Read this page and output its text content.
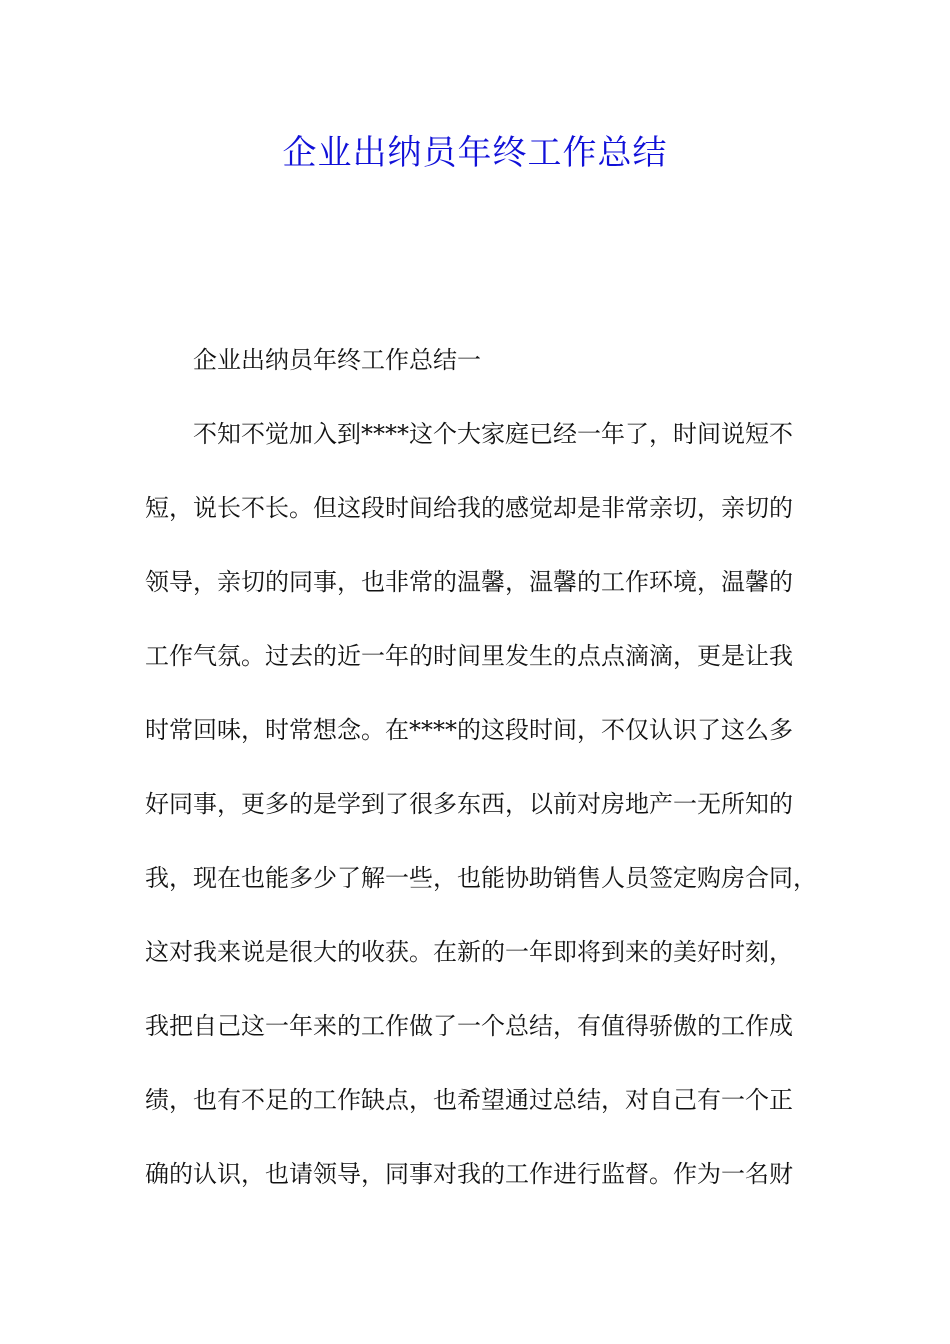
企业出纳员年终工作总结

企业出纳员年终工作总结一

不知不觉加入到****这个大家庭已经一年了，时间说短不

短，说长不长。但这段时间给我的感觉却是非常亲切，亲切的

领导，亲切的同事，也非常的温馨，温馨的工作环境，温馨的

工作气氛。过去的近一年的时间里发生的点点滴滴，更是让我

时常回味，时常想念。在****的这段时间，不仅认识了这么多

好同事，更多的是学到了很多东西，以前对房地产一无所知的

我，现在也能多少了解一些，也能协助销售人员签定购房合同，

这对我来说是很大的收获。在新的一年即将到来的美好时刻，

我把自己这一年来的工作做了一个总结，有值得骄傲的工作成

绩，也有不足的工作缺点，也希望通过总结，对自己有一个正

确的认识，也请领导，同事对我的工作进行监督。作为一名财
